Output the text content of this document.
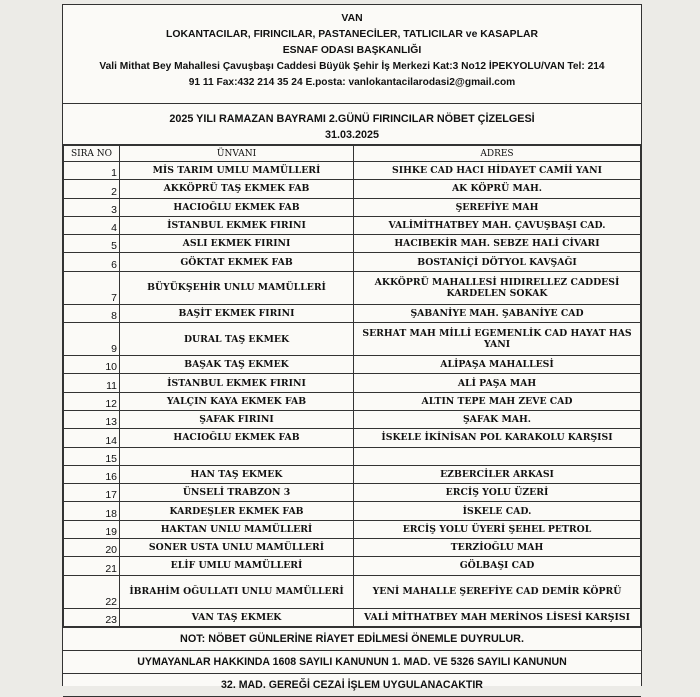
VAN
LOKANTACILAR, FIRINCILAR, PASTANECİLER, TATLICILAR ve KASAPLAR
ESNAF ODASI BAŞKANLIĞI
Vali Mithat Bey Mahallesi Çavuşbaşı Caddesi Büyük Şehir İş Merkezi Kat:3 No12 İPEKYOLU/VAN Tel: 214
91 11 Fax:432 214 35 24 E.posta: vanlokantacilarodasi2@gmail.com
2025 YILI RAMAZAN BAYRAMI 2.GÜNÜ FIRINCILAR NÖBET ÇİZELGESİ
31.03.2025
SIRA NO	ÜNVANI	ADRES
1	MİS TARIM UMLU MAMÜLLERİ	SIHKE CAD HACI HİDAYET CAMİİ YANI
2	AKKÖPRÜ TAŞ EKMEK FAB	AK KÖPRÜ MAH.
3	HACIOĞLU EKMEK FAB	ŞEREFİYE MAH
4	İSTANBUL EKMEK FIRINI	VALİMİTHATBEY MAH. ÇAVUŞBAŞI CAD.
5	ASLI EKMEK FIRINI	HACIBEKİR MAH. SEBZE HALİ CİVARI
6	GÖKTAT EKMEK FAB	BOSTANİÇİ DÖTYOL KAVŞAĞI
7	BÜYÜKŞEHİR UNLU MAMÜLLERİ	AKKÖPRÜ MAHALLESİ HIDIRELLEZ CADDESİ KARDELEN SOKAK
8	BAŞİT EKMEK FIRINI	ŞABANİYE MAH. ŞABANİYE CAD
9	DURAL TAŞ EKMEK	SERHAT MAH MİLLİ EGEMENLİK CAD HAYAT HAS YANI
10	BAŞAK TAŞ EKMEK	ALİPAŞA MAHALLESİ
11	İSTANBUL EKMEK FIRINI	ALİ PAŞA MAH
12	YALÇIN KAYA EKMEK FAB	ALTIN TEPE MAH ZEVE CAD
13	ŞAFAK FIRINI	ŞAFAK MAH.
14	HACIOĞLU EKMEK FAB	İSKELE İKİNİSAN POL KARAKOLU KARŞISI
15		
16	HAN TAŞ EKMEK	EZBERCİLER ARKASI
17	ÜNSELİ TRABZON 3	ERCİŞ YOLU ÜZERİ
18	KARDEŞLER EKMEK FAB	İSKELE CAD.
19	HAKTAN UNLU MAMÜLLERİ	ERCİŞ YOLU ÜYERİ ŞEHEL PETROL
20	SONER USTA UNLU MAMÜLLERİ	TERZİOĞLU MAH
21	ELİF UMLU MAMÜLLERİ	GÖLBAŞI CAD
22	İBRAHİM OĞULLATI UNLU MAMÜLLERİ	YENİ MAHALLE ŞEREFİYE CAD DEMİR KÖPRÜ
23	VAN TAŞ EKMEK	VALİ MİTHATBEY MAH MERİNOS LİSESİ KARŞISI
NOT: NÖBET GÜNLERİNE RİAYET EDİLMESİ ÖNEMLE DUYRULUR.
UYMAYANLAR HAKKINDA 1608 SAYILI KANUNUN 1. MAD. VE 5326 SAYILI KANUNUN
32. MAD. GEREĞİ CEZAİ İŞLEM UYGULANACAKTIR
